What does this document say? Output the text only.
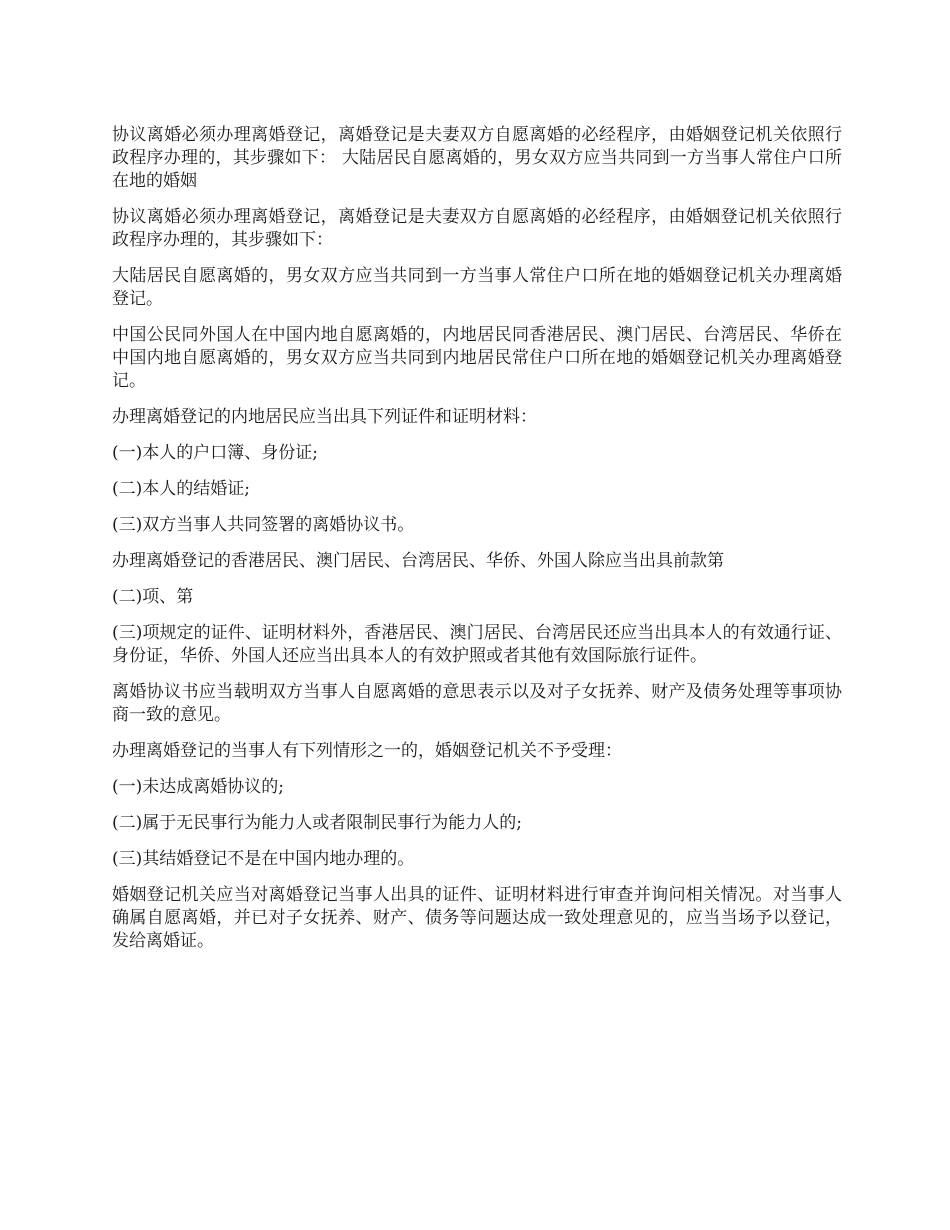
协议离婚必须办理离婚登记，离婚登记是夫妻双方自愿离婚的必经程序，由婚姻登记机关依照行政程序办理的，其步骤如下： 大陆居民自愿离婚的，男女双方应当共同到一方当事人常住户口所在地的婚姻

协议离婚必须办理离婚登记，离婚登记是夫妻双方自愿离婚的必经程序，由婚姻登记机关依照行政程序办理的，其步骤如下：

大陆居民自愿离婚的，男女双方应当共同到一方当事人常住户口所在地的婚姻登记机关办理离婚登记。

中国公民同外国人在中国内地自愿离婚的，内地居民同香港居民、澳门居民、台湾居民、华侨在中国内地自愿离婚的，男女双方应当共同到内地居民常住户口所在地的婚姻登记机关办理离婚登记。

办理离婚登记的内地居民应当出具下列证件和证明材料：

(一)本人的户口簿、身份证;

(二)本人的结婚证;

(三)双方当事人共同签署的离婚协议书。

办理离婚登记的香港居民、澳门居民、台湾居民、华侨、外国人除应当出具前款第

(二)项、第

(三)项规定的证件、证明材料外，香港居民、澳门居民、台湾居民还应当出具本人的有效通行证、身份证，华侨、外国人还应当出具本人的有效护照或者其他有效国际旅行证件。

离婚协议书应当载明双方当事人自愿离婚的意思表示以及对子女抚养、财产及债务处理等事项协商一致的意见。

办理离婚登记的当事人有下列情形之一的，婚姻登记机关不予受理：

(一)未达成离婚协议的;

(二)属于无民事行为能力人或者限制民事行为能力人的;

(三)其结婚登记不是在中国内地办理的。

婚姻登记机关应当对离婚登记当事人出具的证件、证明材料进行审查并询问相关情况。对当事人确属自愿离婚，并已对子女抚养、财产、债务等问题达成一致处理意见的，应当当场予以登记，发给离婚证。
